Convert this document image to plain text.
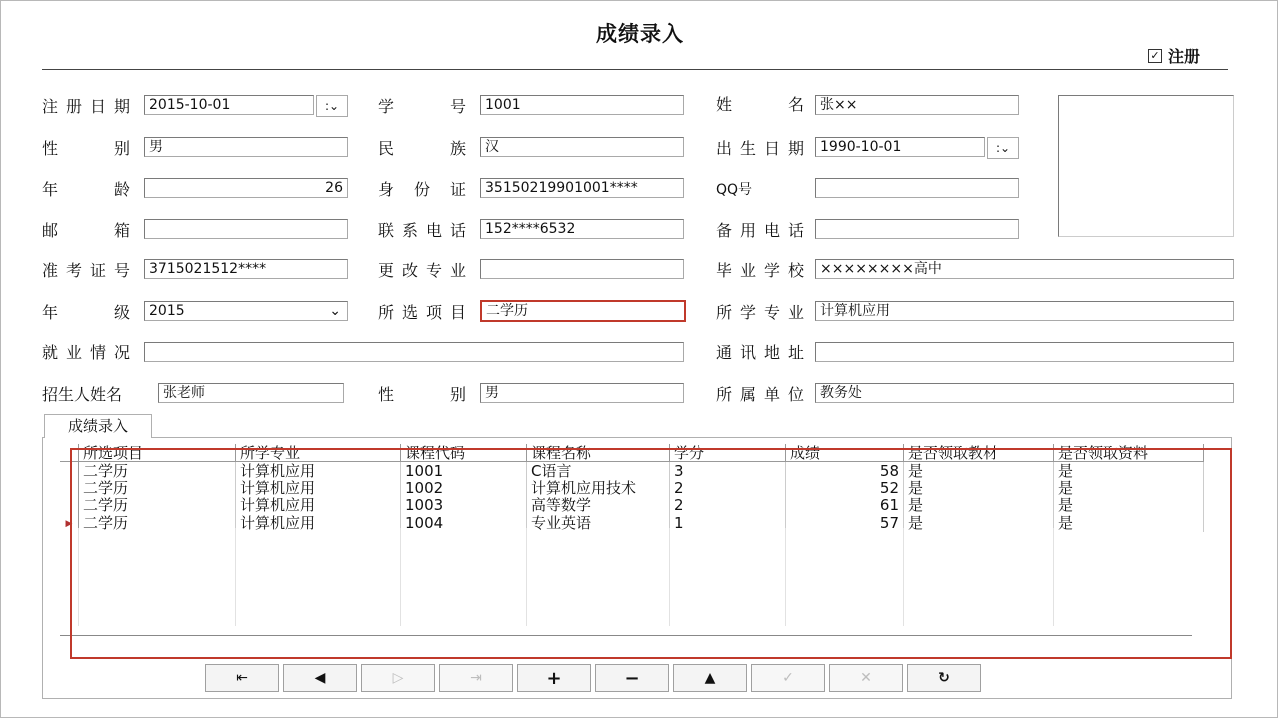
成绩录入
✓ 注册
注 册 日 期	2015-10-01	:⌄ 学	号	1001	姓	名	张××
性	别	男	民	族	汉	出 生 日 期	1990-10-01	:⌄
年	龄	26	身 份 证	35150219901001****	QQ号
邮	箱	联 系 电 话	152****6532	备 用 电 话
准 考 证 号	3715021512****	更 改 专 业	毕 业 学 校	××××××××高中
年	级	2015	⌄ 所 选 项 目	二学历	所 学 专 业	计算机应用
就 业 情 况	通 讯 地 址
招生人姓名	张老师	性	别	男	所 属 单 位	教务处
成绩录入
	所选项目	所学专业	课程代码	课程名称	学分	成绩	是否领取教材	是否领取资料
	二学历	计算机应用	1001	C语言	3	58	是	是
	二学历	计算机应用	1002	计算机应用技术	2	52	是	是
	二学历	计算机应用	1003	高等数学	2	61	是	是
▶	二学历	计算机应用	1004	专业英语	1	57	是	是
⇤	◀	▷	⇥	+	−	▲	✓	✕	↻
